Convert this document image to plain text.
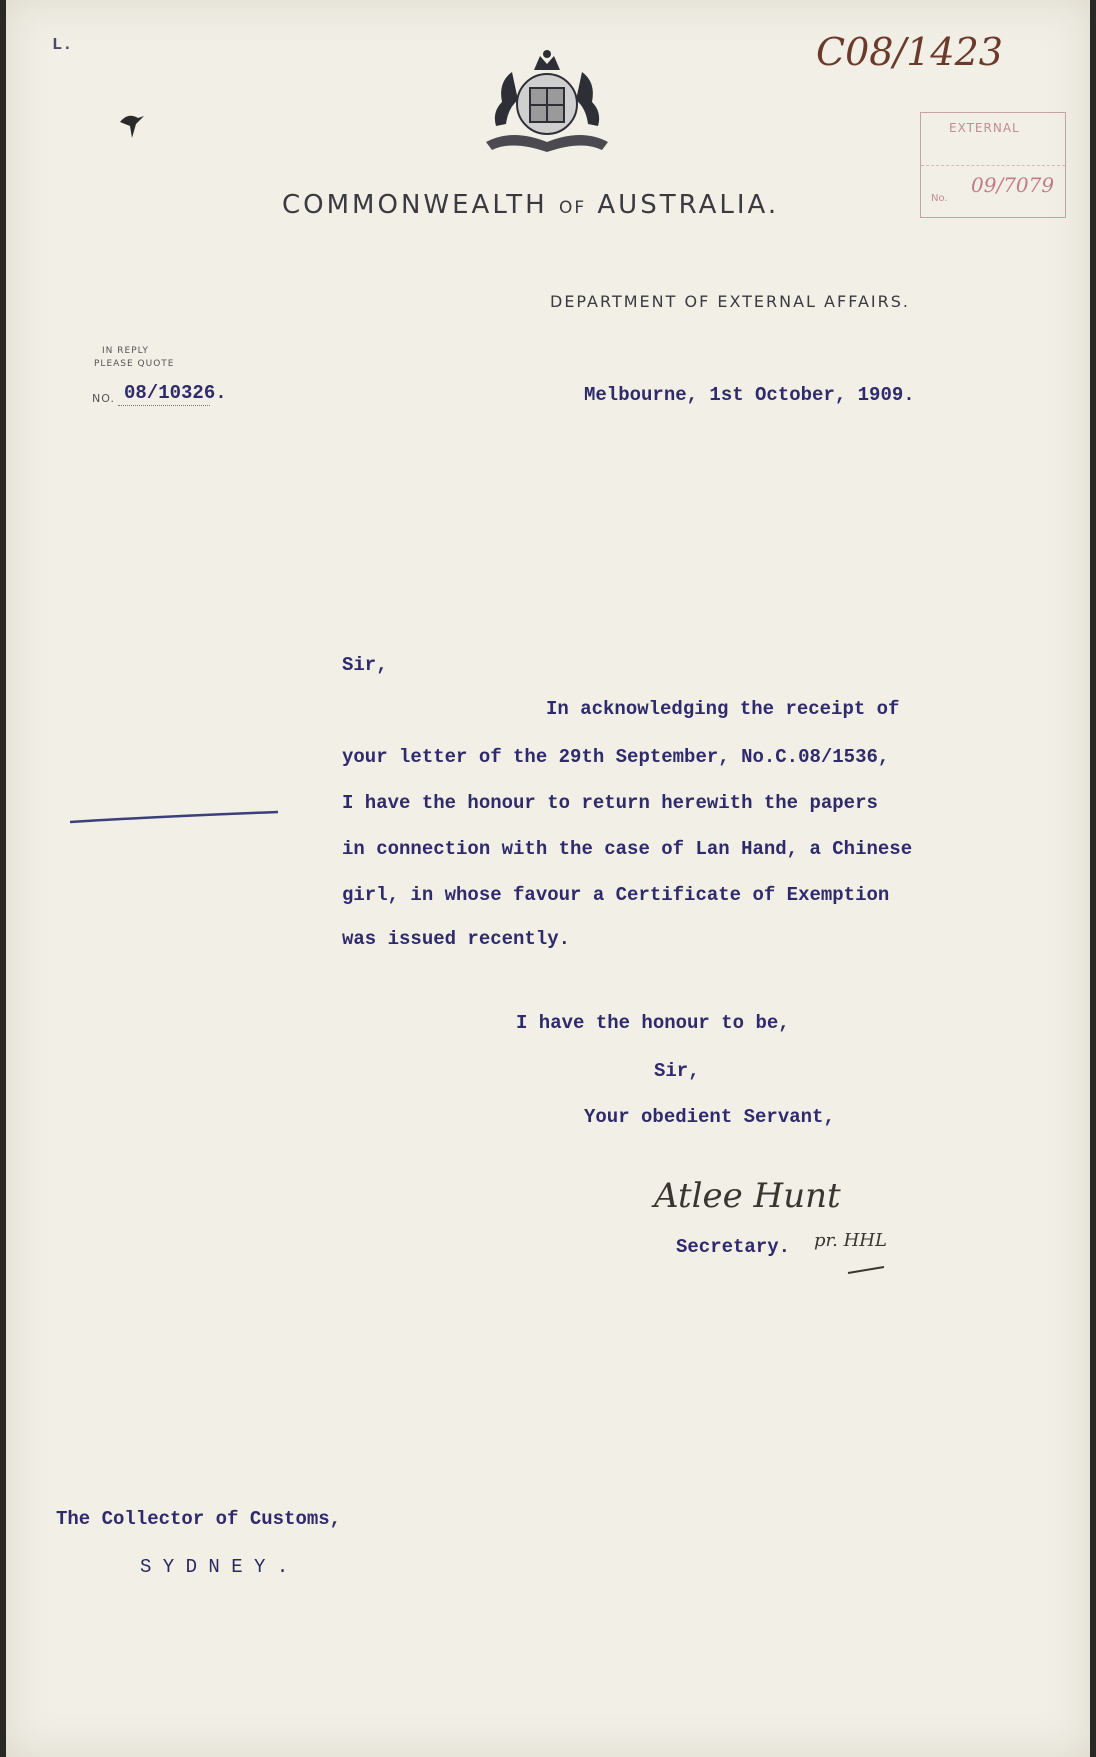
L.	C08/1423
EXTERNAL
No.
09/7079
COMMONWEALTH OF AUSTRALIA.
DEPARTMENT OF EXTERNAL AFFAIRS.
IN REPLY
PLEASE QUOTE
NO. 08/10326.	Melbourne, 1st October, 1909.
Sir,
In acknowledging the receipt of
your letter of the 29th September, No.C.08/1536,
I have the honour to return herewith the papers
in connection with the case of Lan Hand, a Chinese
girl, in whose favour a Certificate of Exemption
was issued recently.
I have the honour to be,
Sir,
Your obedient Servant,
Atlee Hunt
Secretary. pr. HHL
The Collector of Customs,
S Y D N E Y .
